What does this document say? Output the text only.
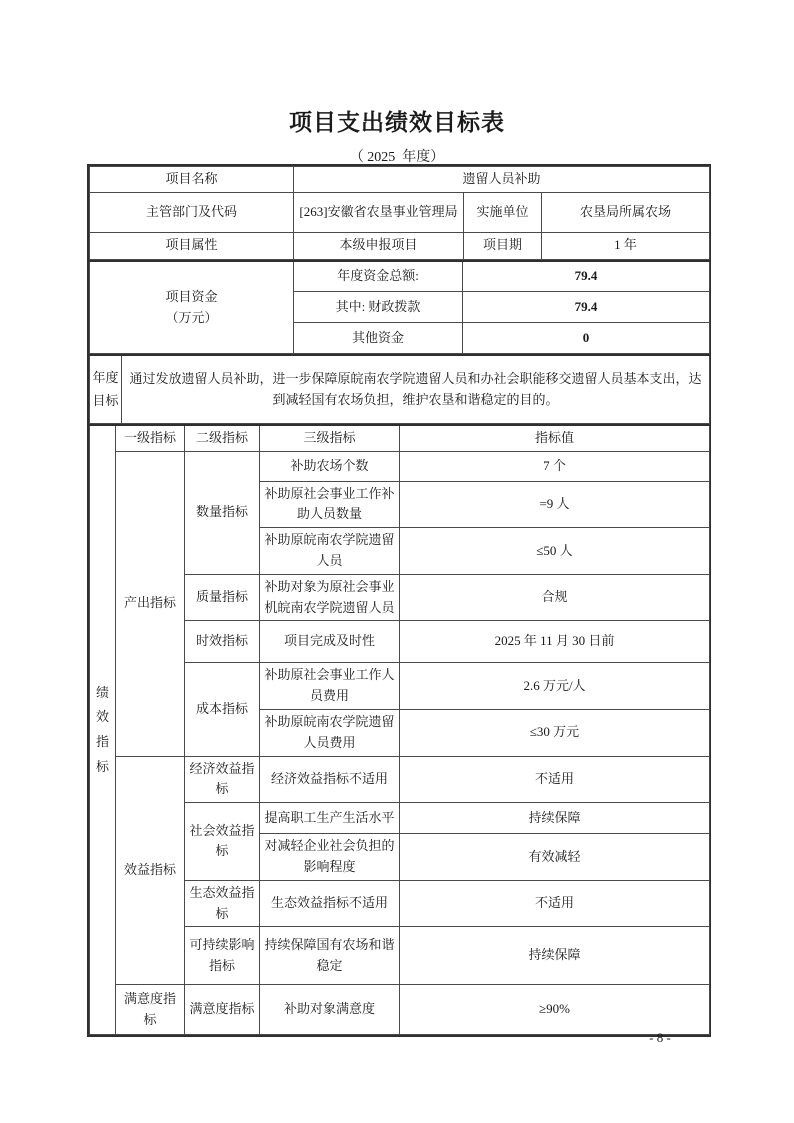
项目支出绩效目标表
（ 2025  年度）
项目名称	遗留人员补助		
主管部门及代码	[263]安徽省农垦事业管理局	实施单位	农垦局所属农场
项目属性	本级申报项目	项目期	1 年
项目资金
（万元）	年度资金总额:	79.4
	其中: 财政拨款	79.4
	其他资金	0
年度目标
	通过发放遗留人员补助，进一步保障原皖南农学院遗留人员和办社会职能移交遗留人员基本支出，达到减轻国有农场负担，维护农垦和谐稳定的目的。
绩效指标	一级指标	二级指标	三级指标	指标值
	产出指标	数量指标	补助农场个数	7 个
			补助原社会事业工作补助人员数量	=9 人
			补助原皖南农学院遗留人员	≤50 人
		质量指标	补助对象为原社会事业机皖南农学院遗留人员	合规
		时效指标	项目完成及时性	2025 年 11 月 30 日前
		成本指标	补助原社会事业工作人员费用	2.6 万元/人
			补助原皖南农学院遗留人员费用	≤30 万元
	效益指标	经济效益指标	经济效益指标不适用	不适用
		社会效益指标	提高职工生产生活水平	持续保障
			对减轻企业社会负担的影响程度	有效减轻
		生态效益指标	生态效益指标不适用	不适用
		可持续影响指标	持续保障国有农场和谐稳定	持续保障
	满意度指标	满意度指标	补助对象满意度	≥90%
- 8 -
